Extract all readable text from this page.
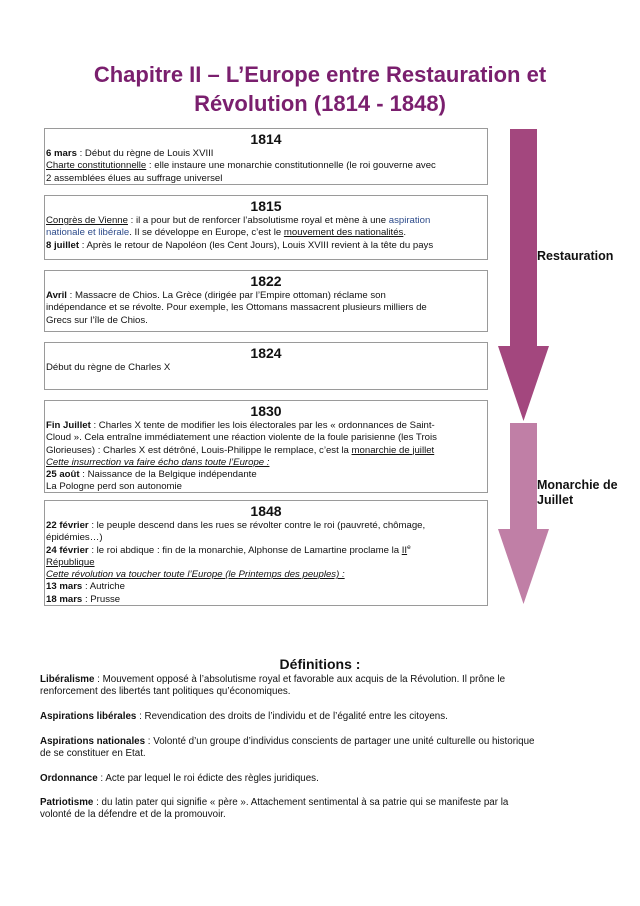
Chapitre II – L’Europe entre Restauration et
Révolution (1814 - 1848)
Restauration
Monarchie de
Juillet
1814
6 mars : Début du règne de Louis XVIII
Charte constitutionnelle : elle instaure une monarchie constitutionnelle (le roi gouverne avec
2 assemblées élues au suffrage universel
1815
Congrès de Vienne : il a pour but de renforcer l’absolutisme royal et mène à une aspiration
nationale et libérale. Il se développe en Europe, c’est le mouvement des nationalités.
8 juillet : Après le retour de Napoléon (les Cent Jours), Louis XVIII revient à la tête du pays
1822
Avril : Massacre de Chios. La Grèce (dirigée par l’Empire ottoman) réclame son
indépendance et se révolte. Pour exemple, les Ottomans massacrent plusieurs milliers de
Grecs sur l’île de Chios.
1824
Début du règne de Charles X
1830
Fin Juillet : Charles X tente de modifier les lois électorales par les « ordonnances de Saint-
Cloud ». Cela entraîne immédiatement une réaction violente de la foule parisienne (les Trois
Glorieuses) : Charles X est détrôné, Louis-Philippe le remplace, c’est la monarchie de juillet
Cette insurrection va faire écho dans toute l’Europe :
25 août : Naissance de la Belgique indépendante
La Pologne perd son autonomie
1848
22 février : le peuple descend dans les rues se révolter contre le roi (pauvreté, chômage,
épidémies…)
24 février : le roi abdique : fin de la monarchie, Alphonse de Lamartine proclame la IIe
République
Cette révolution va toucher toute l’Europe (le Printemps des peuples) :
13 mars : Autriche
18 mars : Prusse
Définitions :
Libéralisme : Mouvement opposé à l’absolutisme royal et favorable aux acquis de la Révolution. Il prône le
renforcement des libertés tant politiques qu’économiques.
Aspirations libérales : Revendication des droits de l’individu et de l’égalité entre les citoyens.
Aspirations nationales : Volonté d’un groupe d’individus conscients de partager une unité culturelle ou historique
de se constituer en Etat.
Ordonnance : Acte par lequel le roi édicte des règles juridiques.
Patriotisme : du latin pater qui signifie « père ». Attachement sentimental à sa patrie qui se manifeste par la
volonté de la défendre et de la promouvoir.
